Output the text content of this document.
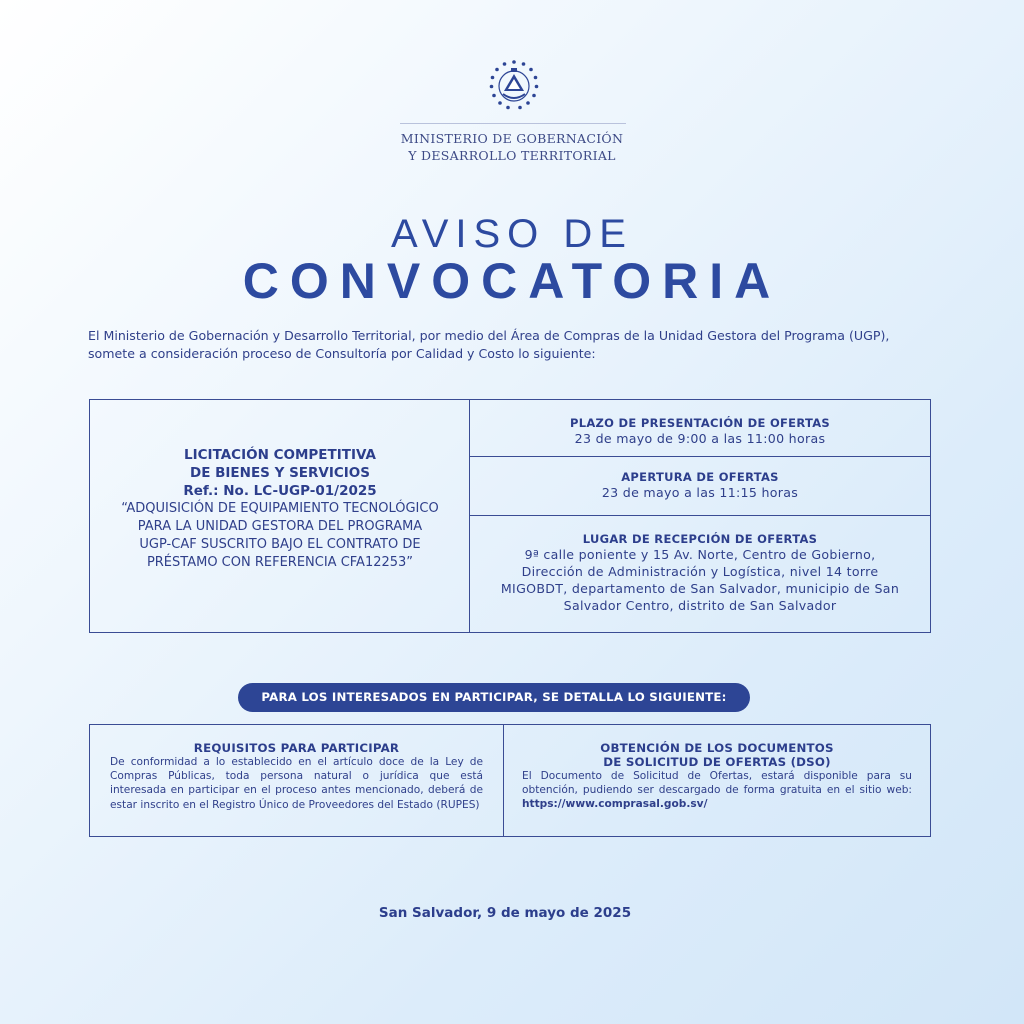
MINISTERIO DE GOBERNACIÓN
Y DESARROLLO TERRITORIAL
AVISO DE
CONVOCATORIA
El Ministerio de Gobernación y Desarrollo Territorial, por medio del Área de Compras de la Unidad Gestora del Programa (UGP), somete a consideración proceso de Consultoría por Calidad y Costo lo siguiente:
LICITACIÓN COMPETITIVA
DE BIENES Y SERVICIOS
Ref.: No. LC-UGP-01/2025
“ADQUISICIÓN DE EQUIPAMIENTO TECNOLÓGICO PARA LA UNIDAD GESTORA DEL PROGRAMA UGP-CAF SUSCRITO BAJO EL CONTRATO DE PRÉSTAMO CON REFERENCIA CFA12253”
PLAZO DE PRESENTACIÓN DE OFERTAS
23 de mayo de 9:00 a las 11:00 horas
APERTURA DE OFERTAS
23 de mayo a las 11:15 horas
LUGAR DE RECEPCIÓN DE OFERTAS
9ª calle poniente y 15 Av. Norte, Centro de Gobierno, Dirección de Administración y Logística, nivel 14 torre MIGOBDT, departamento de San Salvador, municipio de San Salvador Centro, distrito de San Salvador
PARA LOS INTERESADOS EN PARTICIPAR, SE DETALLA LO SIGUIENTE:
REQUISITOS PARA PARTICIPAR
De conformidad a lo establecido en el artículo doce de la Ley de Compras Públicas, toda persona natural o jurídica que está interesada en participar en el proceso antes mencionado, deberá de estar inscrito en el Registro Único de Proveedores del Estado (RUPES)
OBTENCIÓN DE LOS DOCUMENTOS
DE SOLICITUD DE OFERTAS (DSO)
El Documento de Solicitud de Ofertas, estará disponible para su obtención, pudiendo ser descargado de forma gratuita en el sitio web: https://www.comprasal.gob.sv/
San Salvador, 9 de mayo de 2025
